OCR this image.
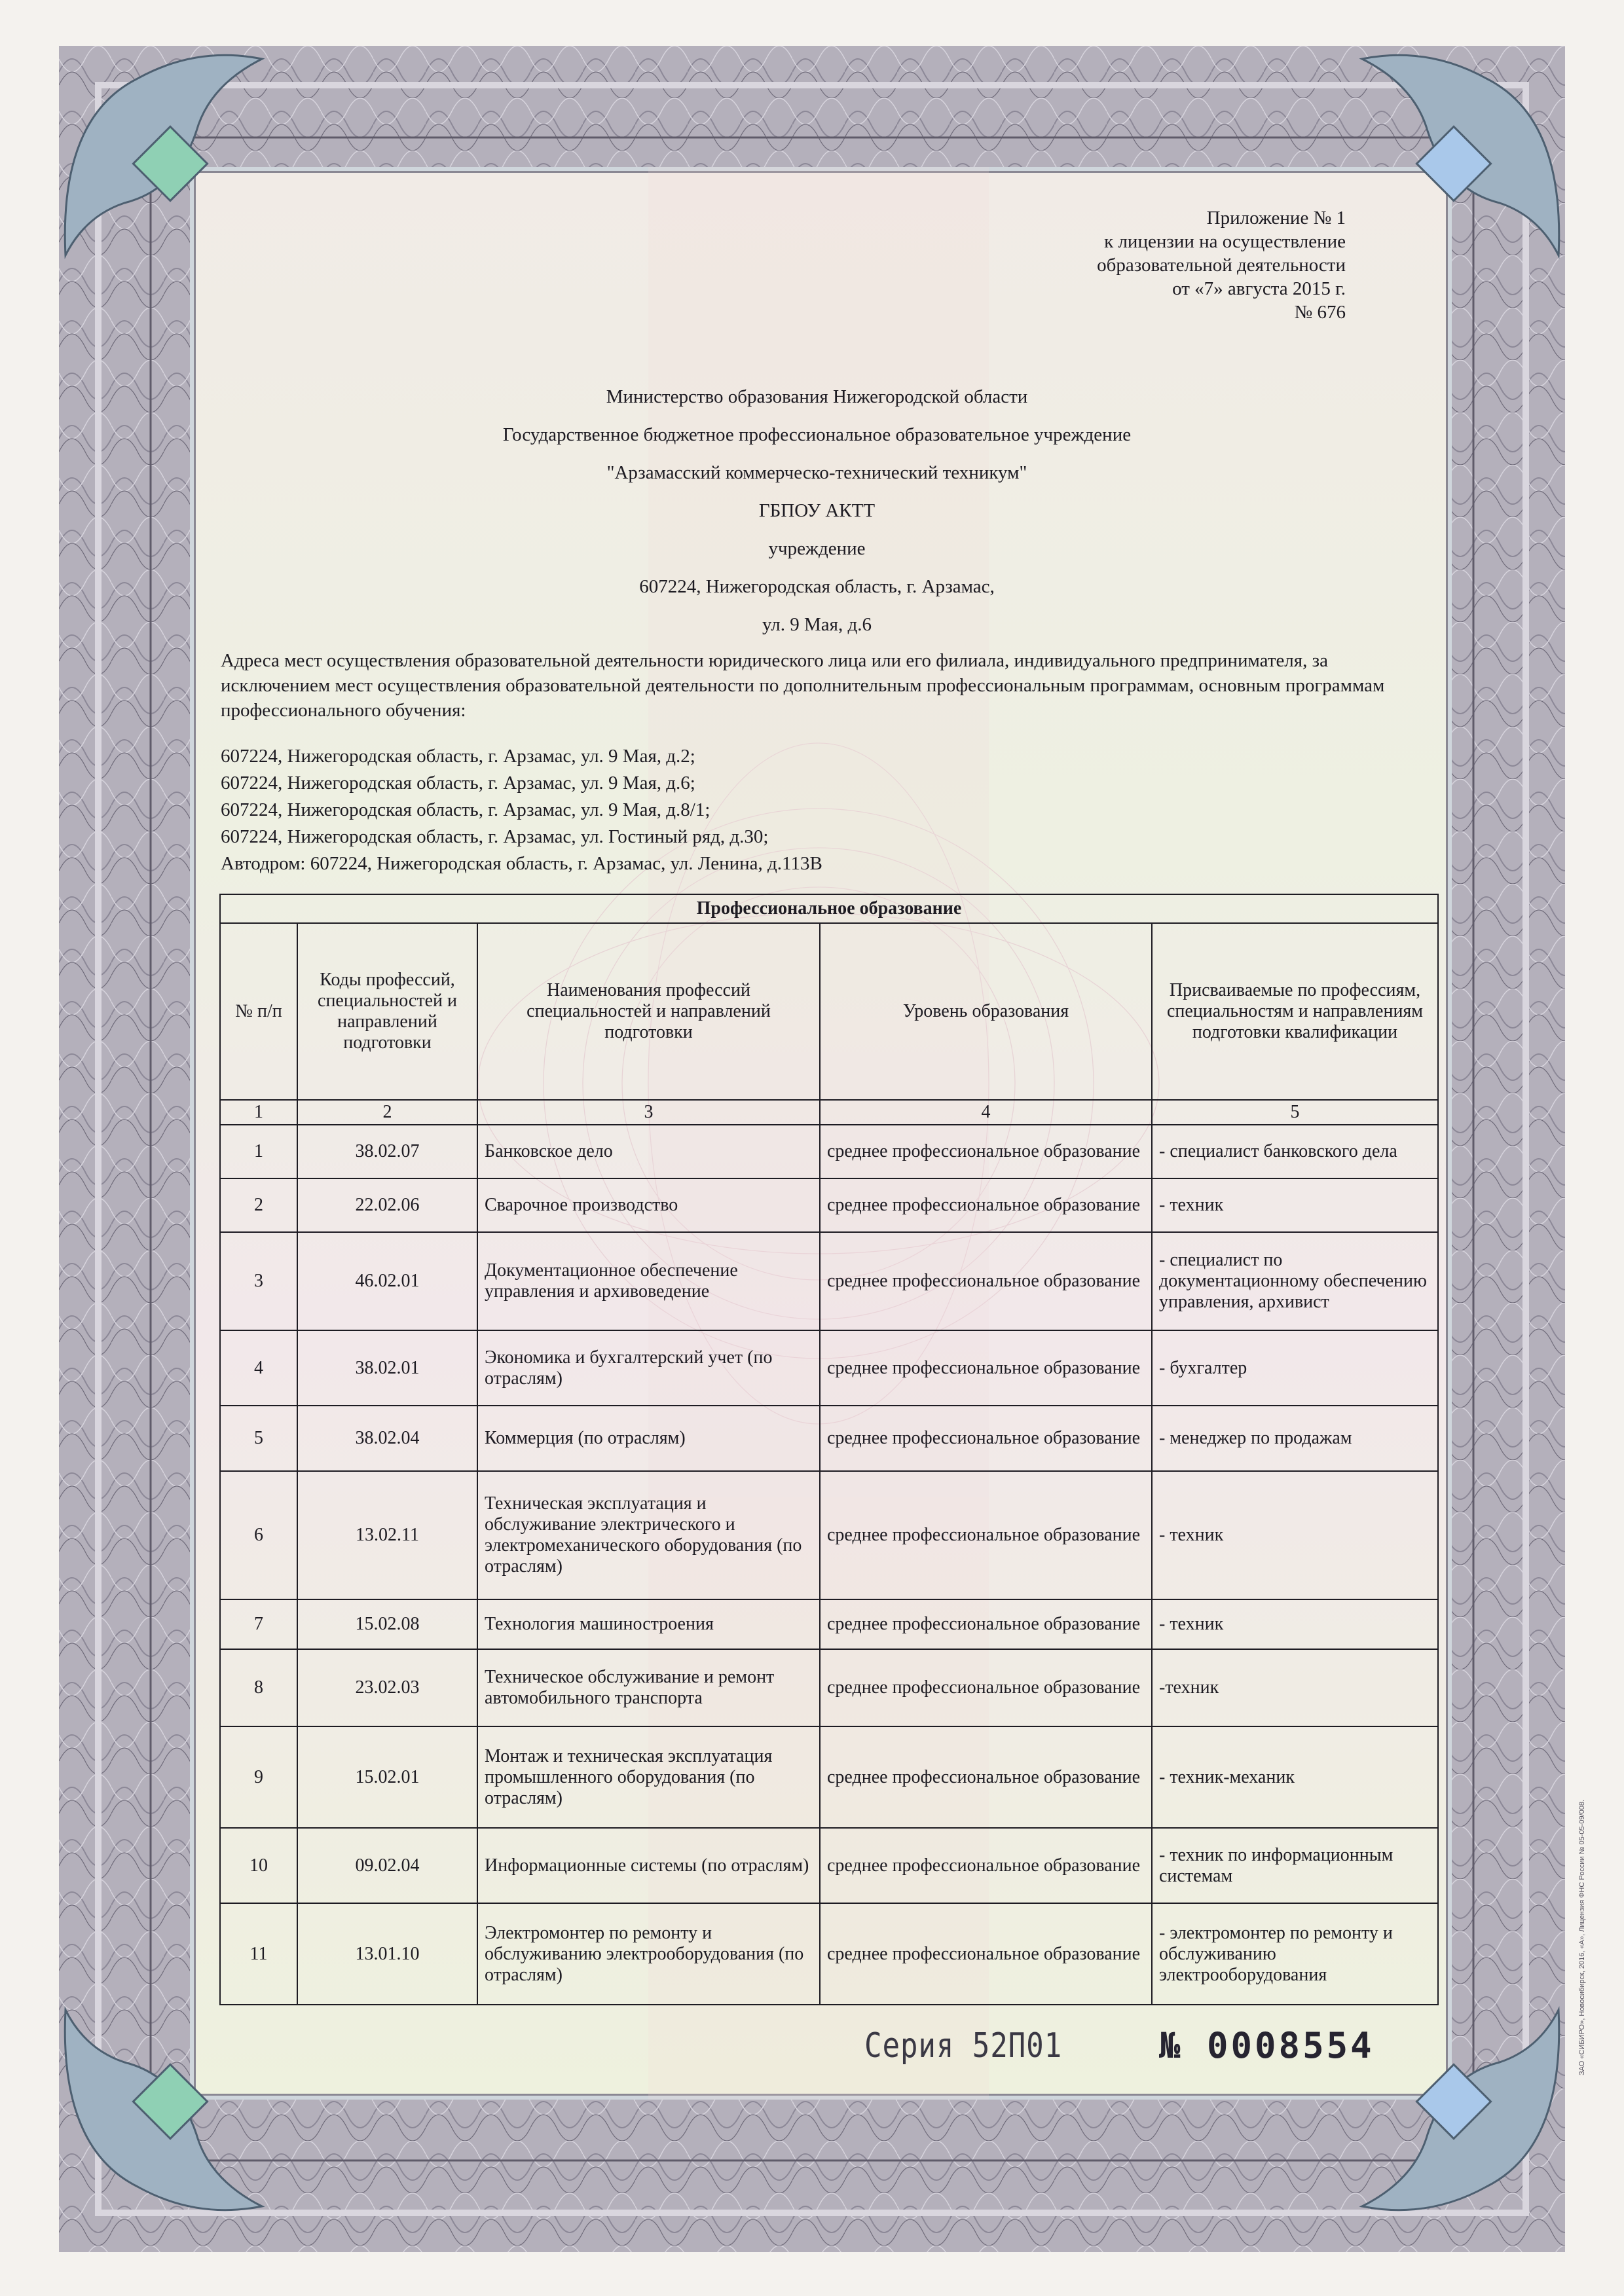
Приложение № 1
к лицензии на осуществление
образовательной деятельности
от «7» августа 2015 г.
№ 676
Министерство образования Нижегородской области
Государственное бюджетное профессиональное образовательное учреждение
"Арзамасский коммерческо-технический техникум"
ГБПОУ АКТТ
учреждение
607224, Нижегородская область, г. Арзамас,
ул. 9 Мая, д.6
Адреса мест осуществления образовательной деятельности юридического лица или его филиала, индивидуального предпринимателя, за исключением мест осуществления образовательной деятельности по дополнительным профессиональным программам, основным программам профессионального обучения:
607224, Нижегородская область, г. Арзамас, ул. 9 Мая, д.2;
607224, Нижегородская область, г. Арзамас, ул. 9 Мая, д.6;
607224, Нижегородская область, г. Арзамас, ул. 9 Мая, д.8/1;
607224, Нижегородская область, г. Арзамас, ул. Гостиный ряд, д.30;
Автодром: 607224, Нижегородская область, г. Арзамас, ул. Ленина, д.113В
Профессиональное образование				
№ п/п	Коды профессий, специальностей и направлений подготовки	Наименования профессий специальностей и направлений подготовки	Уровень образования	Присваиваемые по профессиям, специальностям и направлениям подготовки квалификации
1	2	3	4	5
1	38.02.07	Банковское дело	среднее профессиональное образование	- специалист банковского дела
2	22.02.06	Сварочное производство	среднее профессиональное образование	- техник
3	46.02.01	Документационное обеспечение управления и архивоведение	среднее профессиональное образование	- специалист по документационному обеспечению управления, архивист
4	38.02.01	Экономика и бухгалтерский учет (по отраслям)	среднее профессиональное образование	- бухгалтер
5	38.02.04	Коммерция (по отраслям)	среднее профессиональное образование	- менеджер по продажам
6	13.02.11	Техническая эксплуатация и обслуживание электрического и электромеханического оборудования (по отраслям)	среднее профессиональное образование	- техник
7	15.02.08	Технология машиностроения	среднее профессиональное образование	- техник
8	23.02.03	Техническое обслуживание и ремонт автомобильного транспорта	среднее профессиональное образование	-техник
9	15.02.01	Монтаж и техническая эксплуатация промышленного оборудования (по отраслям)	среднее профессиональное образование	- техник-механик
10	09.02.04	Информационные системы (по отраслям)	среднее профессиональное образование	- техник по информационным системам
11	13.01.10	Электромонтер по ремонту и обслуживанию электрооборудования (по отраслям)	среднее профессиональное образование	- электромонтер по ремонту и обслуживанию электрооборудования
Серия 52П01	№ 0008554	ЗАО «СИБИРО», Новосибирск, 2016, «А», Лицензия ФНС России № 05-05-09/008.
